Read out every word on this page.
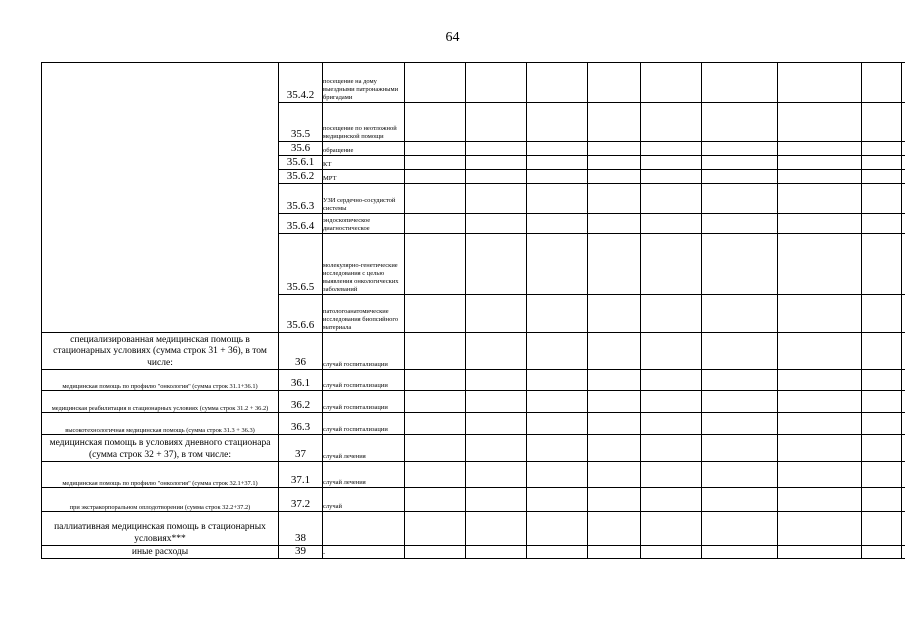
64
	35.4.2	посещение на дому выездными патронажными бригадами									
	35.5	посещение по неотложной медицинской помощи									
	35.6	обращение									
	35.6.1	КТ									
	35.6.2	МРТ									
	35.6.3	УЗИ сердечно-сосудистой системы									
	35.6.4	эндоскопическое диагностическое									
	35.6.5	молекулярно-генетические исследования с целью выявления онкологических заболеваний									
	35.6.6	патологоанатомические исследования биопсийного материала									
специализированная медицинская помощь в стационарных условиях (сумма строк 31 + 36), в том числе:	36	случай госпитализации									
медицинская помощь по профилю "онкология" (сумма строк 31.1+36.1)	36.1	случай госпитализации									
медицинская реабилитация в стационарных условиях (сумма строк 31.2 + 36.2)	36.2	случай госпитализации									
высокотехнологичная медицинская помощь (сумма строк 31.3 + 36.3)	36.3	случай госпитализации									
медицинская помощь в условиях дневного стационара (сумма строк 32 + 37), в том числе:	37	случай лечения									
медицинская помощь по профилю "онкология" (сумма строк 32.1+37.1)	37.1	случай лечения									
при экстракорпоральном оплодотворении (сумма строк 32.2+37.2)	37.2	случай									
паллиативная медицинская помощь в стационарных условиях***	38										
иные расходы	39	-									
